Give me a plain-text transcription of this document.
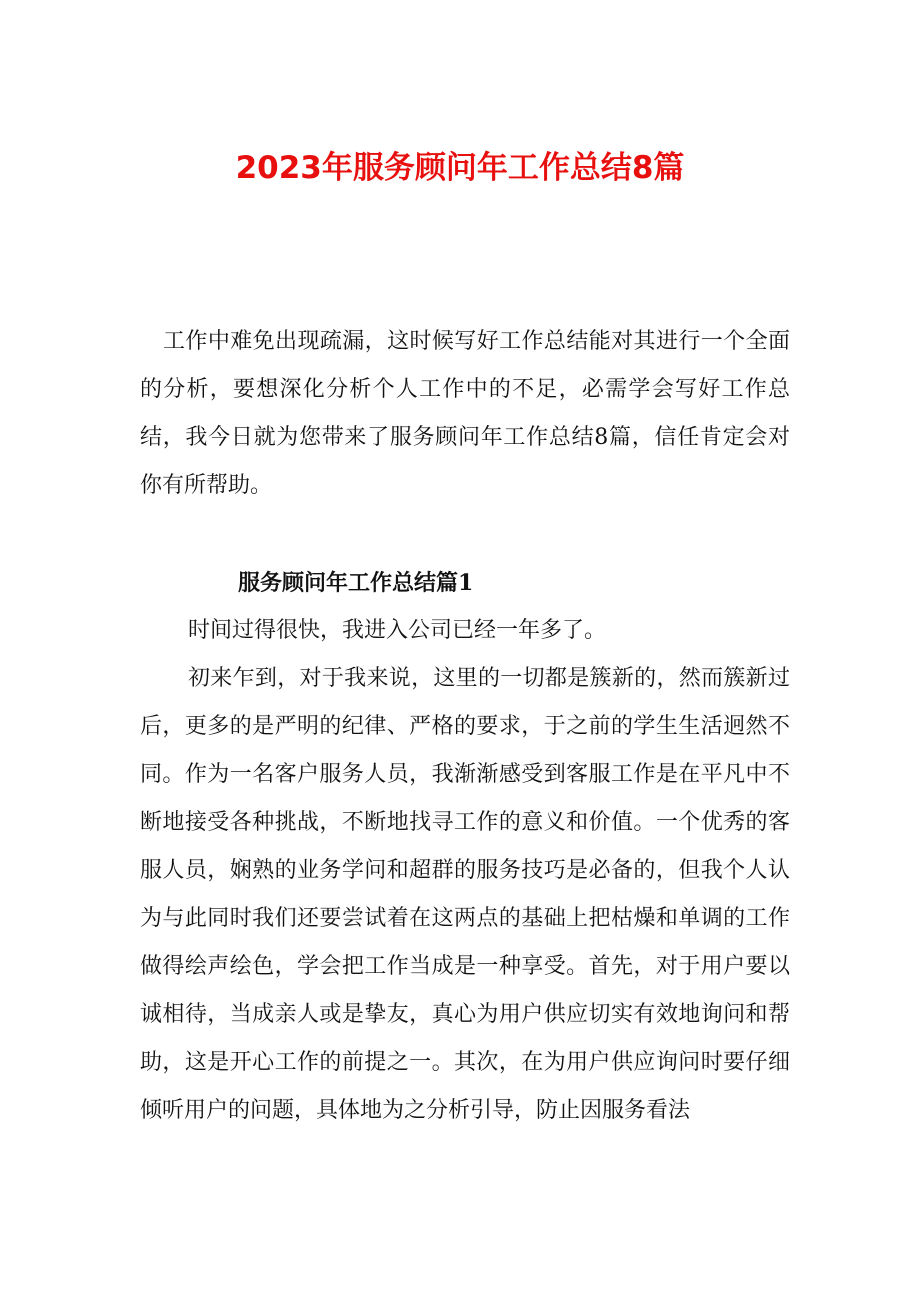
2023年服务顾问年工作总结8篇

工作中难免出现疏漏，这时候写好工作总结能对其进行一个全面的分析，要想深化分析个人工作中的不足，必需学会写好工作总结，我今日就为您带来了服务顾问年工作总结8篇，信任肯定会对你有所帮助。

服务顾问年工作总结篇1

时间过得很快，我进入公司已经一年多了。

初来乍到，对于我来说，这里的一切都是簇新的，然而簇新过后，更多的是严明的纪律、严格的要求，于之前的学生生活迥然不同。作为一名客户服务人员，我渐渐感受到客服工作是在平凡中不断地接受各种挑战，不断地找寻工作的意义和价值。一个优秀的客服人员，娴熟的业务学问和超群的服务技巧是必备的，但我个人认为与此同时我们还要尝试着在这两点的基础上把枯燥和单调的工作做得绘声绘色，学会把工作当成是一种享受。首先，对于用户要以诚相待，当成亲人或是挚友，真心为用户供应切实有效地询问和帮助，这是开心工作的前提之一。其次，在为用户供应询问时要仔细倾听用户的问题，具体地为之分析引导，防止因服务看法
